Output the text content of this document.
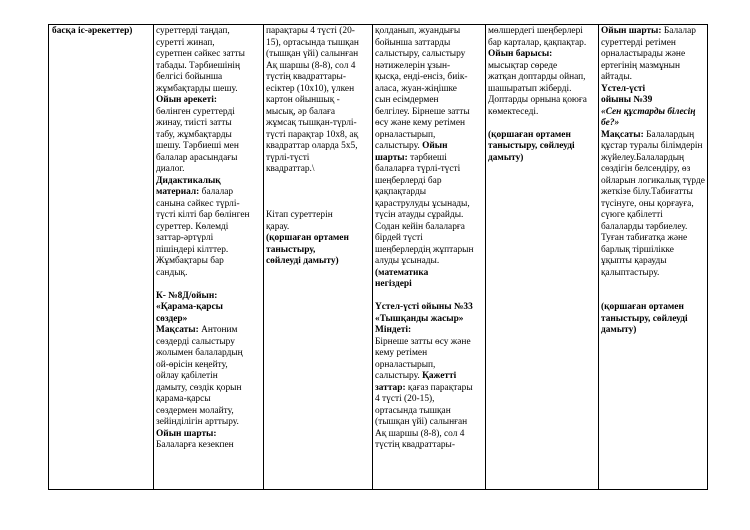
басқа іс-әрекеттер)	суреттерді таңдап,
суретті жинап,
суретпен сәйкес затты
табады. Тәрбиешінің
белгісі бойынша
жұмбақтарды шешу.
Ойын әрекеті:
бөлінген суреттерді
жинау, тиісті затты
табу, жұмбақтарды
шешу. Тәрбиеші мен
балалар арасындағы
диалог.
Дидактикалық
материал: балалар
санына сәйкес түрлі-
түсті кілті бар бөлінген
суреттер. Көлемді
заттар-әртүрлі
пішіндері кілттер.
Жұмбақтары бар
сандық.
К- №8Д/ойын:
«Қарама-қарсы
сөздер»
Мақсаты: Антоним
сөздерді салыстыру
жолымен балалардың
ой-өрісін кеңейту,
ойлау қабілетін
дамыту, сөздік қорын
қарама-қарсы
сөздермен молайту,
зейінділігін арттыру.
Ойын шарты:
Балаларға кезекпен
парақтары 4 түсті (20-
15), ортасында тышқан
(тышқан үйі) салынған
Ақ шаршы (8-8), сол 4
түстің квадраттары-
есіктер (10х10), үлкен
картон ойыншық -
мысық, әр балаға
жұмсақ тышқан-түрлі-
түсті парақтар 10х8, ақ
квадраттар оларда 5х5,
түрлі-түсті
квадраттар.\
Кітап суреттерін
қарау.
(қоршаған ортамен
таныстыру,
сөйлеуді дамыту)
қолданып, жуандығы
бойынша заттарды
салыстыру, салыстыру
нәтижелерін ұзын-
қысқа, енді-енсіз, биік-
аласа, жуан-жіңішке
сын есімдермен
белгілеу. Бірнеше затты
өсу және кему ретімен
орналастырып,
салыстыру. Ойын
шарты: тәрбиеші
балаларға түрлі-түсті
шеңберлерді бар
қақпақтарды
қараструлуды ұсынады,
түсін атауды сұрайды.
Содан кейін балаларға
бірдей түсті
шеңберлердің жұптарын
алуды ұсынады.
(математика
негіздері
Үстел-үсті ойыны №33
«Тышқанды жасыр»
Міндеті:
Бірнеше затты өсу және
кему ретімен
орналастырып,
салыстыру. Қажетті
заттар: қағаз парақтары
4 түсті (20-15),
ортасында тышқан
(тышқан үйі) салынған
Ақ шаршы (8-8), сол 4
түстің квадраттары-
мөлшердегі шеңберлері
бар карталар, қақпақтар.
Ойын барысы:
мысықтар сөреде
жатқан доптарды ойнап,
шашыратып жіберді.
Доптарды орнына қоюға
көмектеседі.
(қоршаған ортамен
таныстыру, сөйлеуді
дамыту)
Ойын шарты: Балалар
суреттерді ретімен
орналастырады және
ертегінің мазмұнын
айтады.
Үстел-үсті
ойыны №39
«Сен құстарды білесің
бе?»
Мақсаты: Балалардың
құстар туралы білімдерін
жүйелеу.Балалардың
сөздігін белсендіру, өз
ойларын логикалық түрде
жеткізе білу.Табиғатты
түсінуге, оны қорғауға,
сүюге қабілетті
балаларды тәрбиелеу.
Туған табиғатқа және
барлық тіршілікке
ұқыпты қарауды
қалыптастыру.
(қоршаған ортамен
таныстыру, сөйлеуді
дамыту)
